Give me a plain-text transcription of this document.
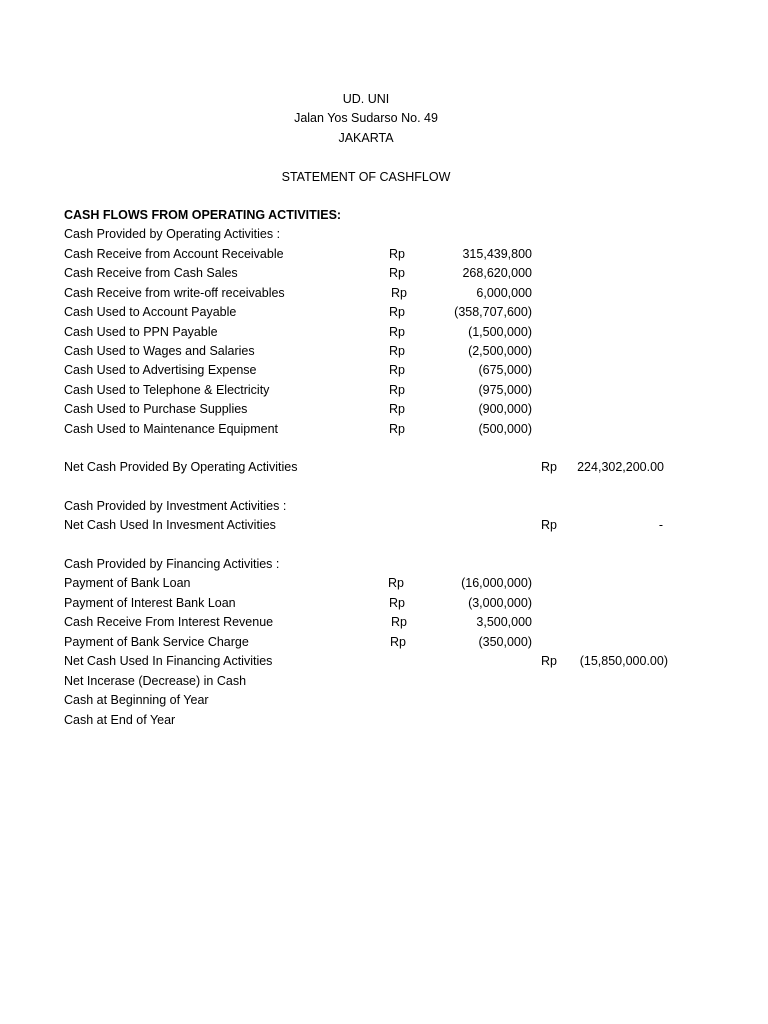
UD. UNI
Jalan Yos Sudarso No. 49
JAKARTA
STATEMENT OF CASHFLOW
CASH FLOWS FROM OPERATING ACTIVITIES:
Cash Provided by Operating Activities :
Cash Receive from Account Receivable	Rp	315,439,800
Cash Receive from Cash Sales	Rp	268,620,000
Cash Receive from write-off receivables	Rp	6,000,000
Cash Used to Account Payable	Rp	(358,707,600)
Cash Used to PPN Payable	Rp	(1,500,000)
Cash Used to Wages and Salaries	Rp	(2,500,000)
Cash Used to Advertising Expense	Rp	(675,000)
Cash Used to Telephone & Electricity	Rp	(975,000)
Cash Used to Purchase Supplies	Rp	(900,000)
Cash Used to Maintenance Equipment	Rp	(500,000)
Net Cash Provided By Operating Activities	Rp 224,302,200.00
Cash Provided by Investment Activities :
Net Cash Used In Invesment Activities	Rp	-
Cash Provided by Financing Activities :
Payment of Bank Loan	Rp	(16,000,000)
Payment of Interest Bank Loan	Rp	(3,000,000)
Cash Receive From Interest Revenue	Rp	3,500,000
Payment of Bank Service Charge	Rp	(350,000)
Net Cash Used In Financing Activities	Rp (15,850,000.00)
Net Incerase (Decrease) in Cash
Cash at Beginning of Year
Cash at End of Year
